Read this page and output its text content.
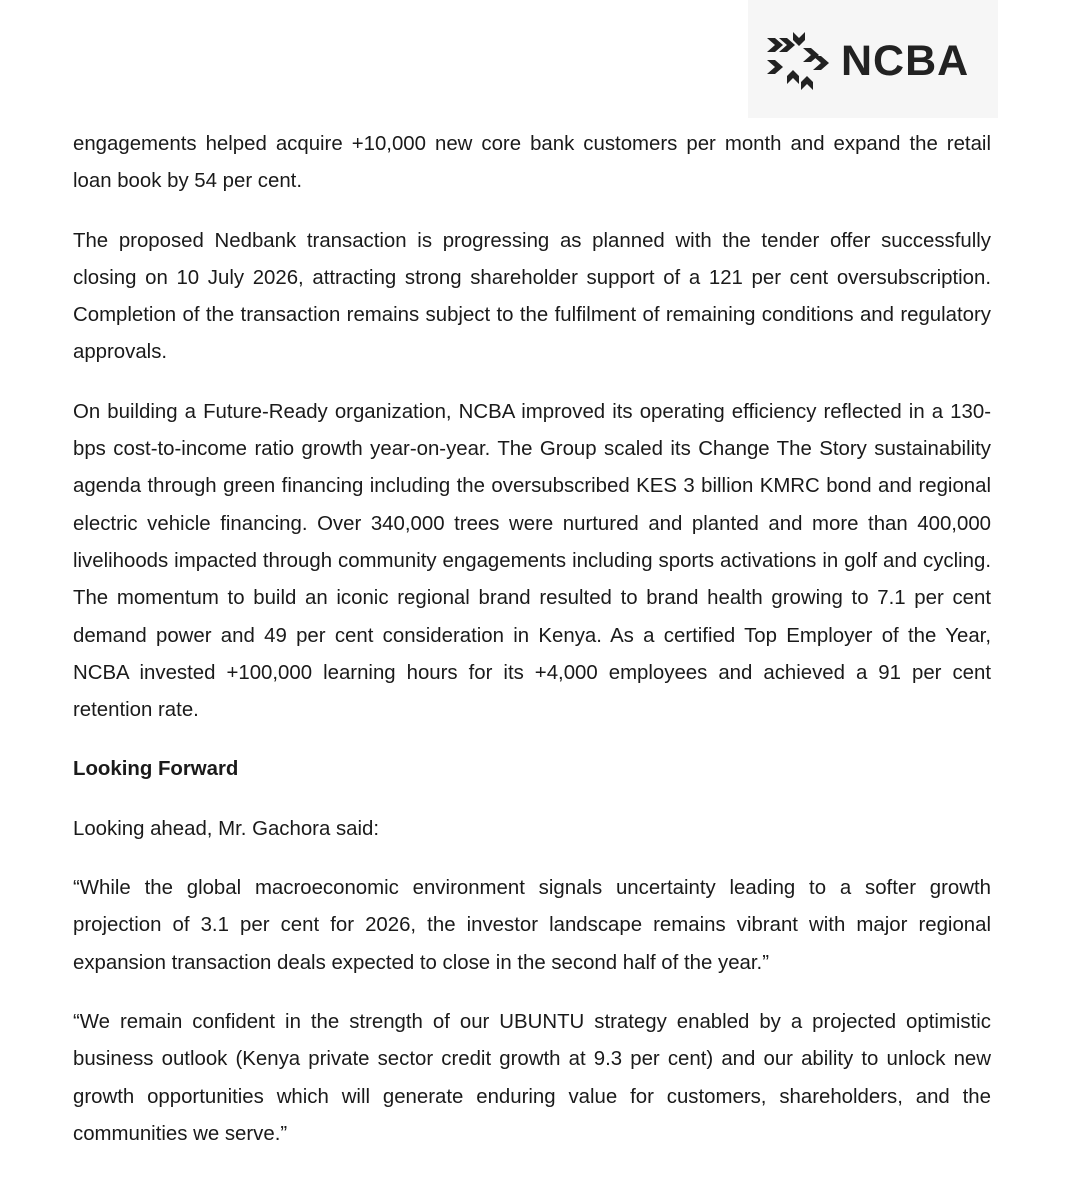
NCBA

engagements helped acquire +10,000 new core bank customers per month and expand the retail loan book by 54 per cent.

The proposed Nedbank transaction is progressing as planned with the tender offer successfully closing on 10 July 2026, attracting strong shareholder support of a 121 per cent oversubscription. Completion of the transaction remains subject to the fulfilment of remaining conditions and regulatory approvals.

On building a Future-Ready organization, NCBA improved its operating efficiency reflected in a 130-bps cost-to-income ratio growth year-on-year. The Group scaled its Change The Story sustainability agenda through green financing including the oversubscribed KES 3 billion KMRC bond and regional electric vehicle financing. Over 340,000 trees were nurtured and planted and more than 400,000 livelihoods impacted through community engagements including sports activations in golf and cycling. The momentum to build an iconic regional brand resulted to brand health growing to 7.1 per cent demand power and 49 per cent consideration in Kenya. As a certified Top Employer of the Year, NCBA invested +100,000 learning hours for its +4,000 employees and achieved a 91 per cent retention rate.

Looking Forward

Looking ahead, Mr. Gachora said:

“While the global macroeconomic environment signals uncertainty leading to a softer growth projection of 3.1 per cent for 2026, the investor landscape remains vibrant with major regional expansion transaction deals expected to close in the second half of the year.”

“We remain confident in the strength of our UBUNTU strategy enabled by a projected optimistic business outlook (Kenya private sector credit growth at 9.3 per cent) and our ability to unlock new growth opportunities which will generate enduring value for customers, shareholders, and the communities we serve.”
